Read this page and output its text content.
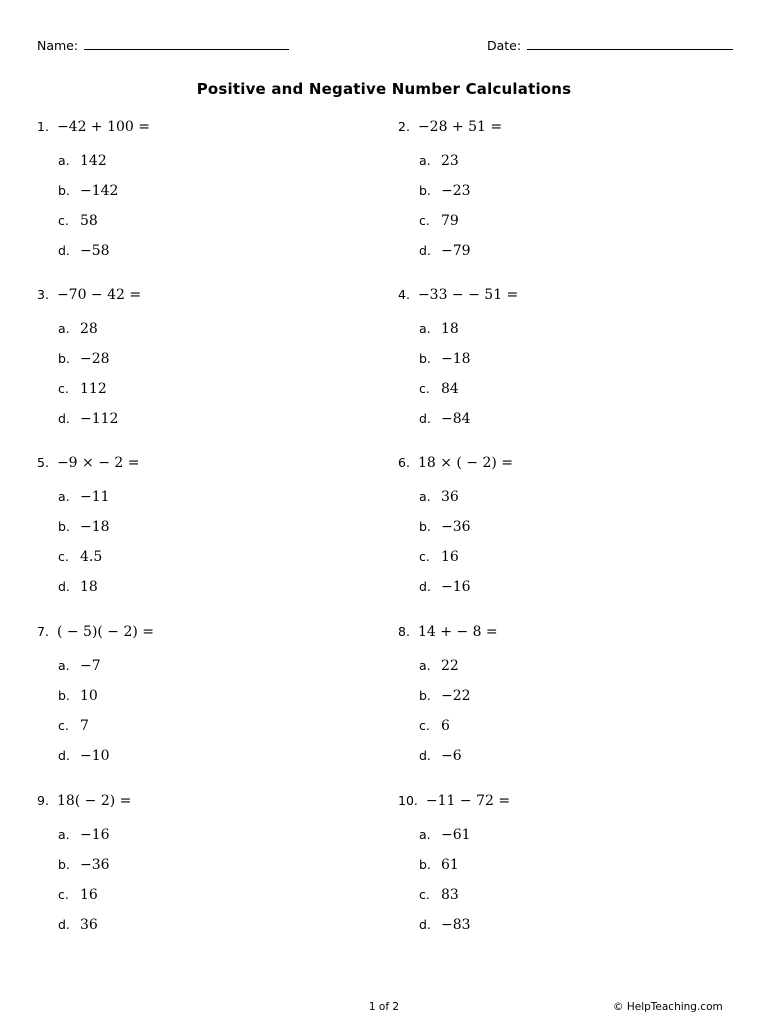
Name:	Date:
Positive and Negative Number Calculations
1. −42 + 100 =
a. 142
b. −142
c. 58
d. −58
2. −28 + 51 =
a. 23
b. −23
c. 79
d. −79
3. −70 − 42 =
a. 28
b. −28
c. 112
d. −112
4. −33 − − 51 =
a. 18
b. −18
c. 84
d. −84
5. −9 × − 2 =
a. −11
b. −18
c. 4.5
d. 18
6. 18 × ( − 2) =
a. 36
b. −36
c. 16
d. −16
7. ( − 5)( − 2) =
a. −7
b. 10
c. 7
d. −10
8. 14 + − 8 =
a. 22
b. −22
c. 6
d. −6
9. 18( − 2) =
a. −16
b. −36
c. 16
d. 36
10. −11 − 72 =
a. −61
b. 61
c. 83
d. −83
1 of 2	© HelpTeaching.com
